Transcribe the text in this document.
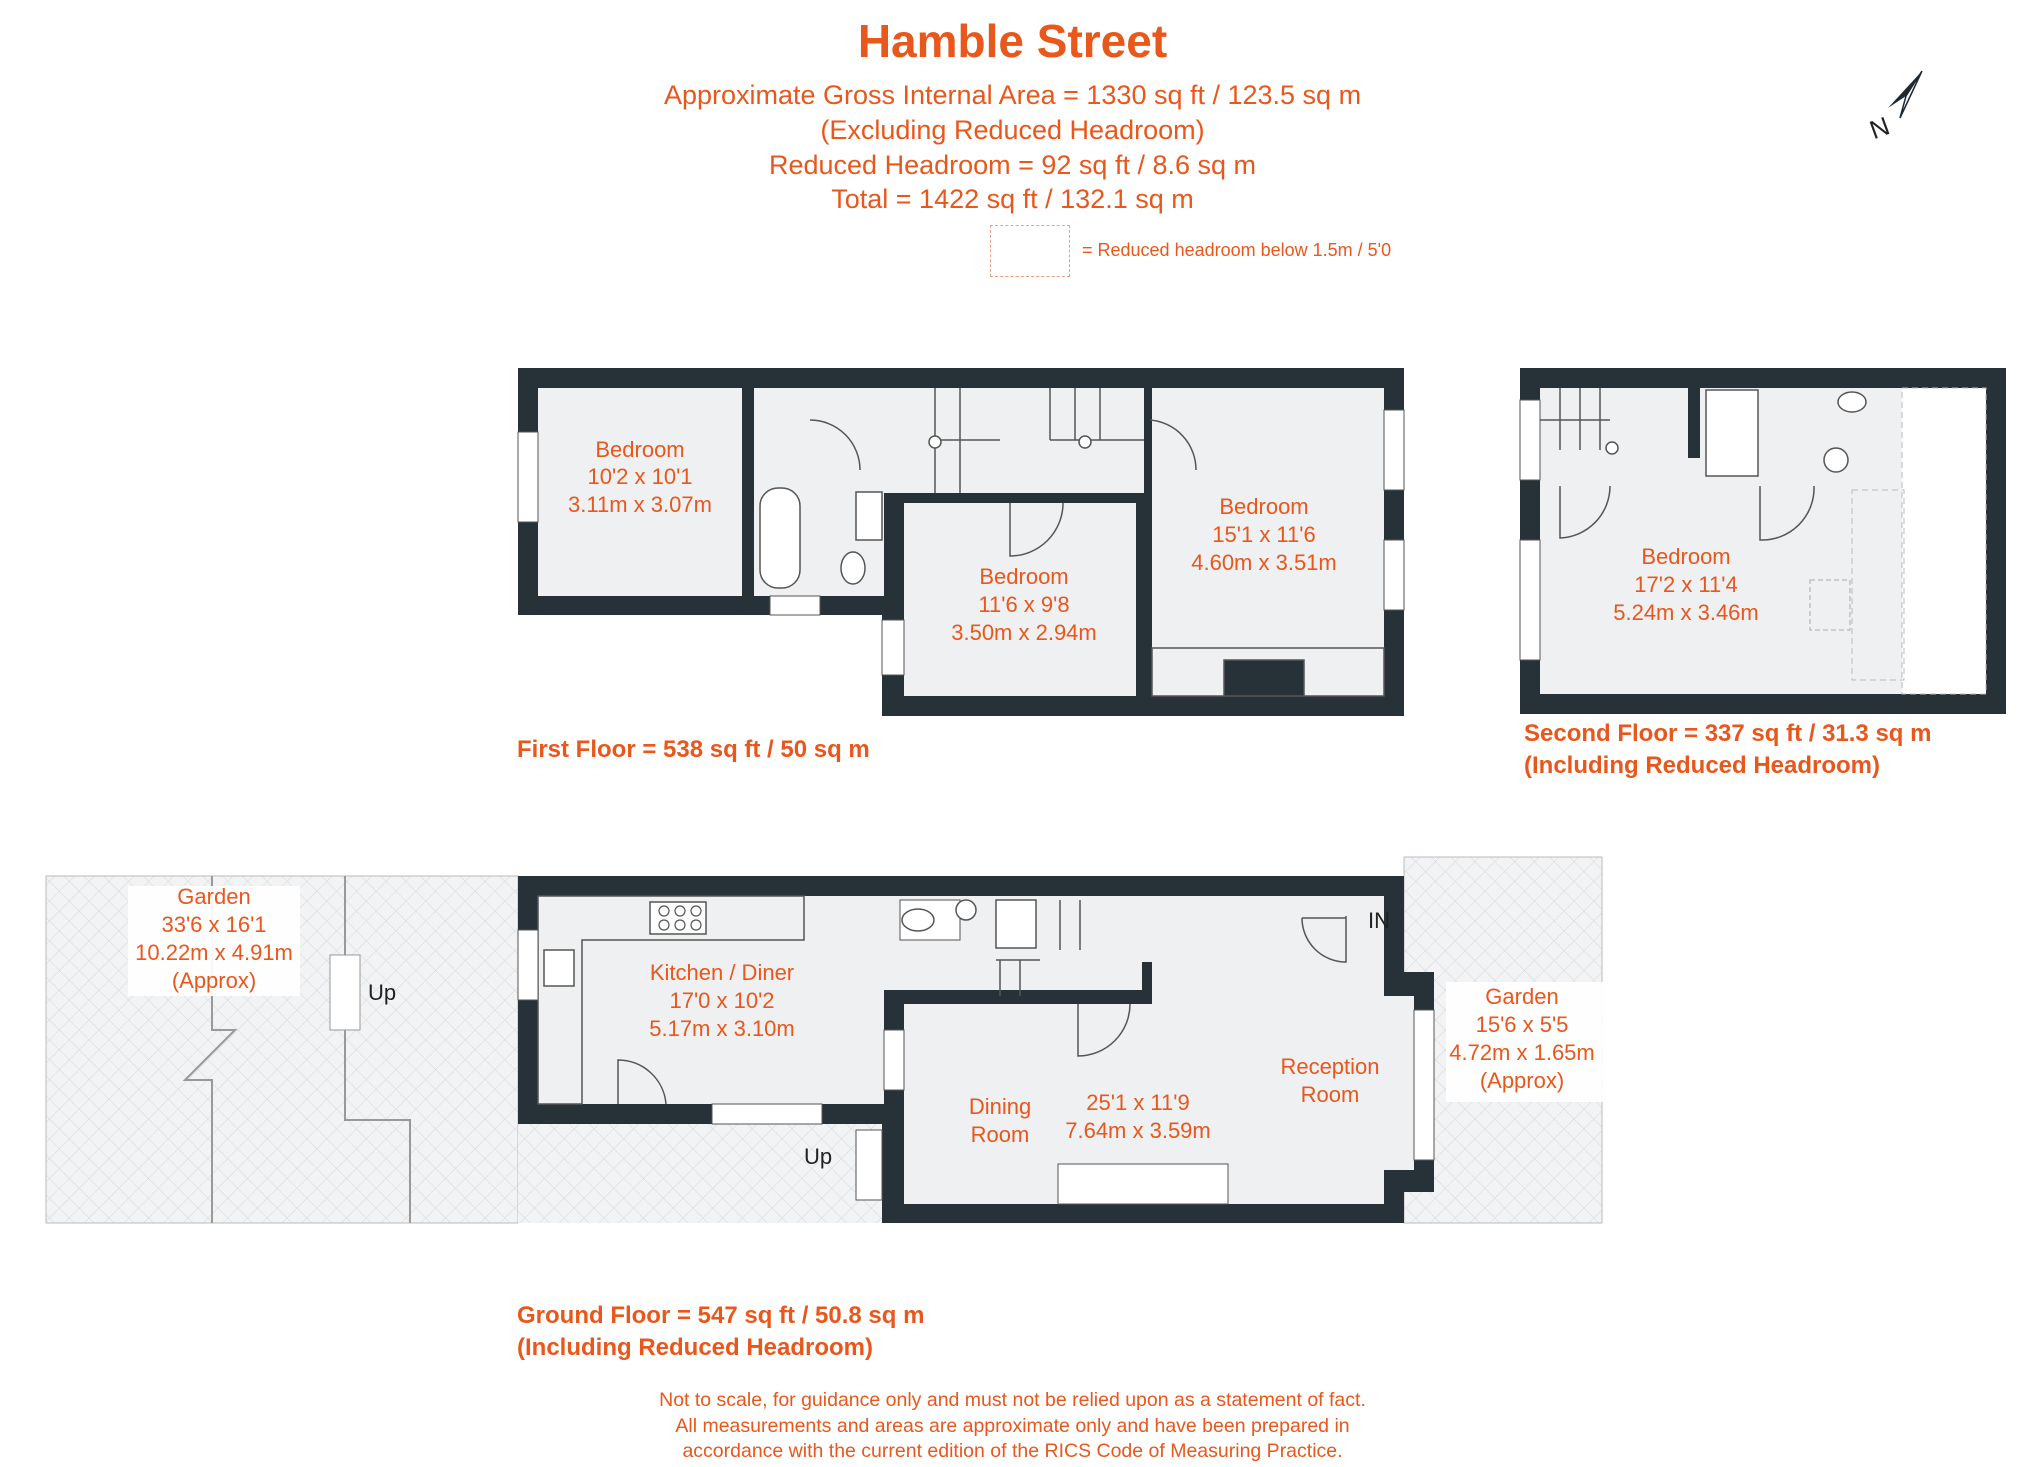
Hamble Street
Approximate Gross Internal Area = 1330 sq ft / 123.5 sq m
(Excluding Reduced Headroom)
Reduced Headroom = 92 sq ft / 8.6 sq m
Total = 1422 sq ft / 132.1 sq m
= Reduced headroom below 1.5m / 5'0
N
Bedroom
10'2 x 10'1
3.11m x 3.07m
Bedroom
11'6 x 9'8
3.50m x 2.94m
Bedroom
15'1 x 11'6
4.60m x 3.51m	Bedroom
17'2 x 11'4
5.24m x 3.46m
Garden
33'6 x 16'1
10.22m x 4.91m
(Approx)	Kitchen / Diner
17'0 x 10'2
5.17m x 3.10m
Dining
Room
25'1 x 11'9
7.64m x 3.59m
Reception
Room
Garden
15'6 x 5'5
4.72m x 1.65m
(Approx)
Up
Up
IN
First Floor = 538 sq ft / 50 sq m
Second Floor = 337 sq ft / 31.3 sq m
(Including Reduced Headroom)
Ground Floor = 547 sq ft / 50.8 sq m
(Including Reduced Headroom)
Not to scale, for guidance only and must not be relied upon as a statement of fact.
All measurements and areas are approximate only and have been prepared in
accordance with the current edition of the RICS Code of Measuring Practice.
